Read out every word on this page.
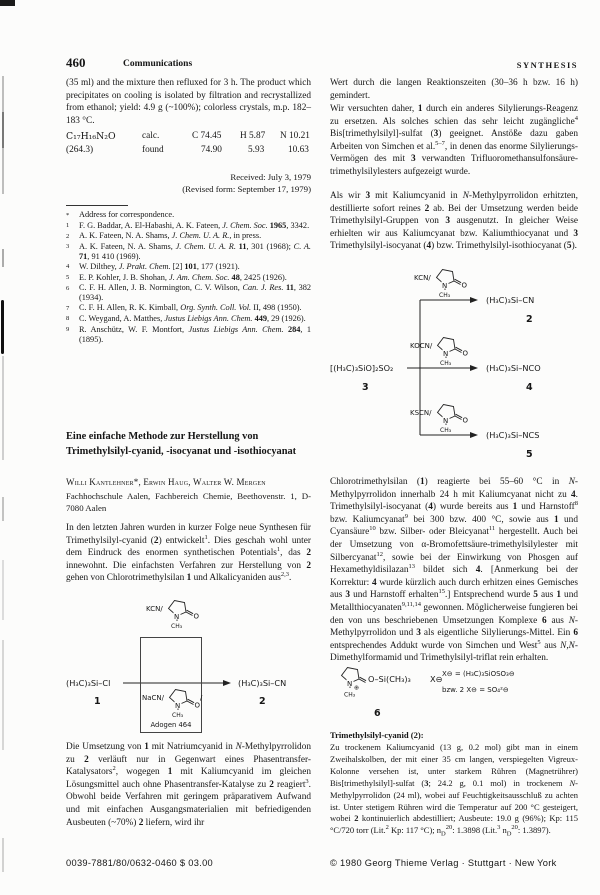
460	Communications	SYNTHESIS
(35 ml) and the mixture then refluxed for 3 h. The product which precipitates on cooling is isolated by filtration and recrystallized from ethanol; yield: 4.9 g (~100%); colorless crystals, m.p. 182–183 °C.
C₁₇H₁₆N₂O	calc.	C 74.45	H 5.87	N 10.21
(264.3)	found	74.90	5.93	10.63
Received: July 3, 1979
(Revised form: September 17, 1979)
*	Address for correspondence.
1	F. G. Baddar, A. El-Habashi, A. K. Fateen, J. Chem. Soc. 1965, 3342.
2	A. K. Fateen, N. A. Shams, J. Chem. U. A. R., in press.
3	A. K. Fateen, N. A. Shams, J. Chem. U. A. R. 11, 301 (1968); C. A. 71, 91 410 (1969).
4	W. Dilthey, J. Prakt. Chem. [2] 101, 177 (1921).
5	E. P. Kohler, J. B. Shohan, J. Am. Chem. Soc. 48, 2425 (1926).
6	C. F. H. Allen, J. B. Normington, C. V. Wilson, Can. J. Res. 11, 382 (1934).
7	C. F. H. Allen, R. K. Kimball, Org. Synth. Coll. Vol. II, 498 (1950).
8	C. Weygand, A. Matthes, Justus Liebigs Ann. Chem. 449, 29 (1926).
9	R. Anschütz, W. F. Montfort, Justus Liebigs Ann. Chem. 284, 1 (1895).
Eine einfache Methode zur Herstellung von
Trimethylsilyl-cyanid, -isocyanat und -isothiocyanat
Willi Kantlehner*, Erwin Haug, Walter W. Mergen
Fachhochschule Aalen, Fachbereich Chemie, Beethovenstr. 1, D-7080 Aalen
In den letzten Jahren wurden in kurzer Folge neue Synthesen für Trimethylsilyl-cyanid (2) entwickelt$^1$. Dies geschah wohl unter dem Eindruck des enormen synthetischen Potentials$^1$, das 2 innewohnt. Die einfachsten Verfahren zur Herstellung von 2 gehen von Chlorotrimethylsilan 1 und Alkalicyaniden aus$^{2,3}$.
$^{KCN/}$
N O
CH₃
$^{NaCN/}$
N O
CH₃
/
Adogen 464
(H₃C)₃Si–Cl
1
(H₃C)₃Si–CN
2
Die Umsetzung von 1 mit Natriumcyanid in N-Methylpyrrolidon zu 2 verläuft nur in Gegenwart eines Phasentransfer-Katalysators$^2$, wogegen 1 mit Kaliumcyanid im gleichen Lösungsmittel auch ohne Phasentransfer-Katalyse zu 2 reagiert$^3$. Obwohl beide Verfahren mit geringem präparativem Aufwand und mit einfachen Ausgangsmaterialien mit befriedigenden Ausbeuten (~70%) 2 liefern, wird ihr
Wert durch die langen Reaktionszeiten (30–36 h bzw. 16 h) gemindert.
Wir versuchten daher, 1 durch ein anderes Silylierungs-Reagenz zu ersetzen. Als solches schien das sehr leicht zugängliche$^4$ Bis[trimethylsilyl]-sulfat (3) geeignet. Anstöße dazu gaben Arbeiten von Simchen et al.$^{5-7}$, in denen das enorme Silylierungs-Vermögen des mit 3 verwandten Trifluoromethansulfonsäure-trimethylsilylesters aufgezeigt wurde.
Als wir 3 mit Kaliumcyanid in N-Methylpyrrolidon erhitzten, destillierte sofort reines 2 ab. Bei der Umsetzung werden beide Trimethylsilyl-Gruppen von 3 ausgenutzt. In gleicher Weise erhielten wir aus Kaliumcyanat bzw. Kaliumthiocyanat und 3 Trimethylsilyl-isocyanat (4) bzw. Trimethylsilyl-isothiocyanat (5).
$^{KCN/}$
N O
CH₃	(H₃C)₃Si–CN
2
$^{KOCN/}$
N O
CH₃
[(H₃C)₃SiO]₂SO₂
3
(H₃C)₃Si–NCO
4
$^{KSCN/}$
N O
CH₃	(H₃C)₃Si–NCS
5
Chlorotrimethylsilan (1) reagierte bei 55–60 °C in N-Methylpyrrolidon innerhalb 24 h mit Kaliumcyanat nicht zu 4. Trimethylsilyl-isocyanat (4) wurde bereits aus 1 und Harnstoff$^8$ bzw. Kaliumcyanat$^9$ bei 300 bzw. 400 °C, sowie aus 1 und Cyansäure$^{10}$ bzw. Silber- oder Bleicyanat$^{11}$ hergestellt. Auch bei der Umsetzung von α-Bromofettsäure-trimethylsilylester mit Silbercyanat$^{12}$, sowie bei der Einwirkung von Phosgen auf Hexamethyldisilazan$^{13}$ bildet sich 4. [Anmerkung bei der Korrektur: 4 wurde kürzlich auch durch erhitzen eines Gemisches aus 3 und Harnstoff erhalten$^{15}$.] Entsprechend wurde 5 aus 1 und Metallthiocyanaten$^{9,11,14}$ gewonnen. Möglicherweise fungieren bei den von uns beschriebenen Umsetzungen Komplexe 6 aus N-Methylpyrrolidon und 3 als eigentliche Silylierungs-Mittel. Ein 6 entsprechendes Addukt wurde von Simchen und West$^5$ aus N,N-Dimethylformamid und Trimethylsilyl-triflat rein erhalten.
N
⊕
CH₃
O–Si(CH₃)₃ X⊖ X⊖ = (H₃C)₃SiOSO₃⊖
bzw. 2 X⊖ = SO₄²⊖
6
Trimethylsilyl-cyanid (2):
Zu trockenem Kaliumcyanid (13 g, 0.2 mol) gibt man in einem Zweihalskolben, der mit einer 35 cm langen, verspiegelten Vigreux-Kolonne versehen ist, unter starkem Rühren (Magnetrührer) Bis[trimethylsilyl]-sulfat (3; 24.2 g, 0.1 mol) in trockenem N-Methylpyrrolidon (24 ml), wobei auf Feuchtigkeitsausschluß zu achten ist. Unter stetigem Rühren wird die Temperatur auf 200 °C gesteigert, wobei 2 kontinuierlich abdestilliert; Ausbeute: 19.0 g (96%); Kp: 115 °C/720 torr (Lit.$^2$ Kp: 117 °C); $n_D^{20}$: 1.3898 (Lit.$^3$ $n_D^{20}$: 1.3897).
0039-7881/80/0632-0460 $ 03.00	© 1980 Georg Thieme Verlag · Stuttgart · New York
